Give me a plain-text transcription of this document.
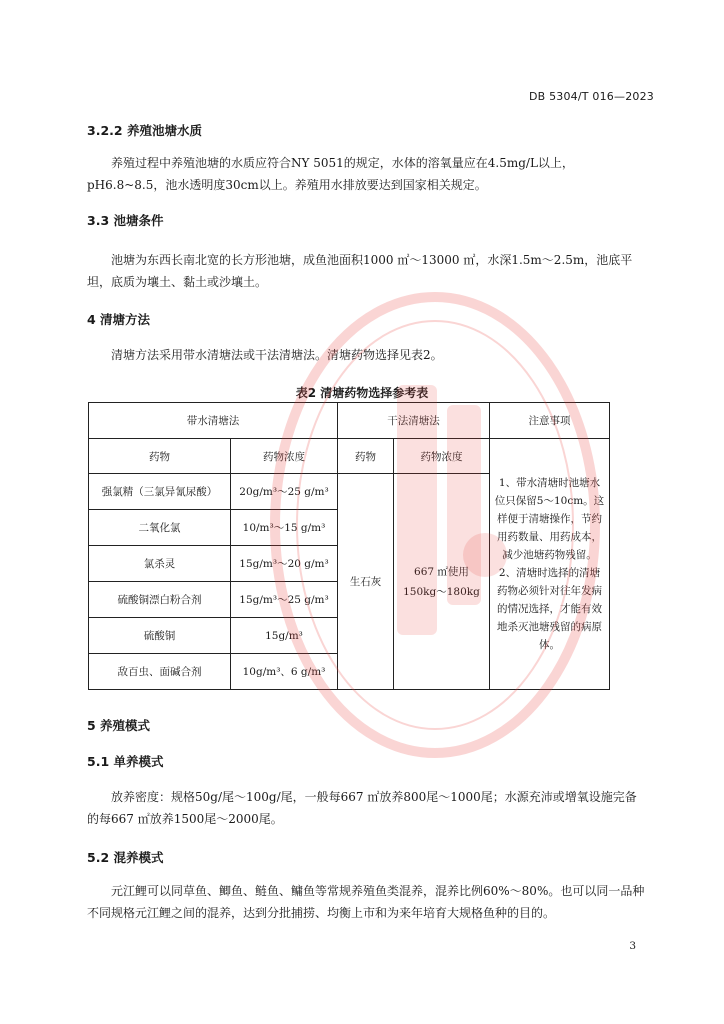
DB 5304/T 016—2023
3.2.2 养殖池塘水质
养殖过程中养殖池塘的水质应符合NY 5051的规定，水体的溶氧量应在4.5mg/L以上，pH6.8~8.5，池水透明度30cm以上。养殖用水排放要达到国家相关规定。
3.3 池塘条件
池塘为东西长南北宽的长方形池塘，成鱼池面积1000 ㎡～13000 ㎡，水深1.5m～2.5m，池底平坦，底质为壤土、黏土或沙壤土。
4 清塘方法
清塘方法采用带水清塘法或干法清塘法。清塘药物选择见表2。
表2 清塘药物选择参考表
带水清塘法		干法清塘法		注意事项
药物	药物浓度	药物	药物浓度	1、带水清塘时池塘水位只保留5～10cm。这样便于清塘操作，节约用药数量、用药成本，减少池塘药物残留。2、清塘时选择的清塘药物必须针对往年发病的情况选择，才能有效地杀灭池塘残留的病原体。
强氯精（三氯异氰尿酸）	20g/m³～25 g/m³	生石灰	667 ㎡使用
150kg～180kg	

二氧化氯	10/m³～15 g/m³			
氯杀灵	15g/m³～20 g/m³			
硫酸铜漂白粉合剂	15g/m³～25 g/m³			
硫酸铜	15g/m³			
敌百虫、面碱合剂	10g/m³、6 g/m³			
5 养殖模式
5.1 单养模式
放养密度：规格50g/尾～100g/尾，一般每667 ㎡放养800尾～1000尾；水源充沛或增氧设施完备的每667 ㎡放养1500尾～2000尾。
5.2 混养模式
元江鲤可以同草鱼、鲫鱼、鲢鱼、鳙鱼等常规养殖鱼类混养，混养比例60%～80%。也可以同一品种不同规格元江鲤之间的混养，达到分批捕捞、均衡上市和为来年培育大规格鱼种的目的。
3
